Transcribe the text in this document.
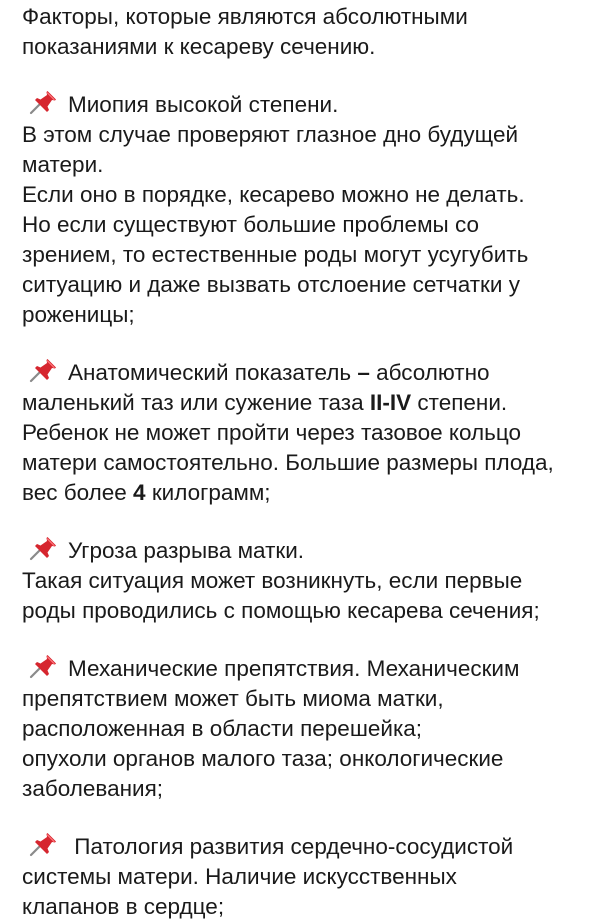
Факторы, которые являются абсолютными
показаниями к кесареву сечению.
Миопия высокой степени.
В этом случае проверяют глазное дно будущей
матери.
Если оно в порядке, кесарево можно не делать.
Но если существуют большие проблемы со
зрением, то естественные роды могут усугубить
ситуацию и даже вызвать отслоение сетчатки у
роженицы;
Анатомический показатель – абсолютно
маленький таз или сужение таза II-IV степени.
Ребенок не может пройти через тазовое кольцо
матери самостоятельно. Большие размеры плода,
вес более 4 килограмм;
Угроза разрыва матки.
Такая ситуация может возникнуть, если первые
роды проводились с помощью кесарева сечения;
Механические препятствия. Механическим
препятствием может быть миома матки,
расположенная в области перешейка;
опухоли органов малого таза; онкологические
заболевания;
Патология развития сердечно-сосудистой
системы матери. Наличие искусственных
клапанов в сердце;
